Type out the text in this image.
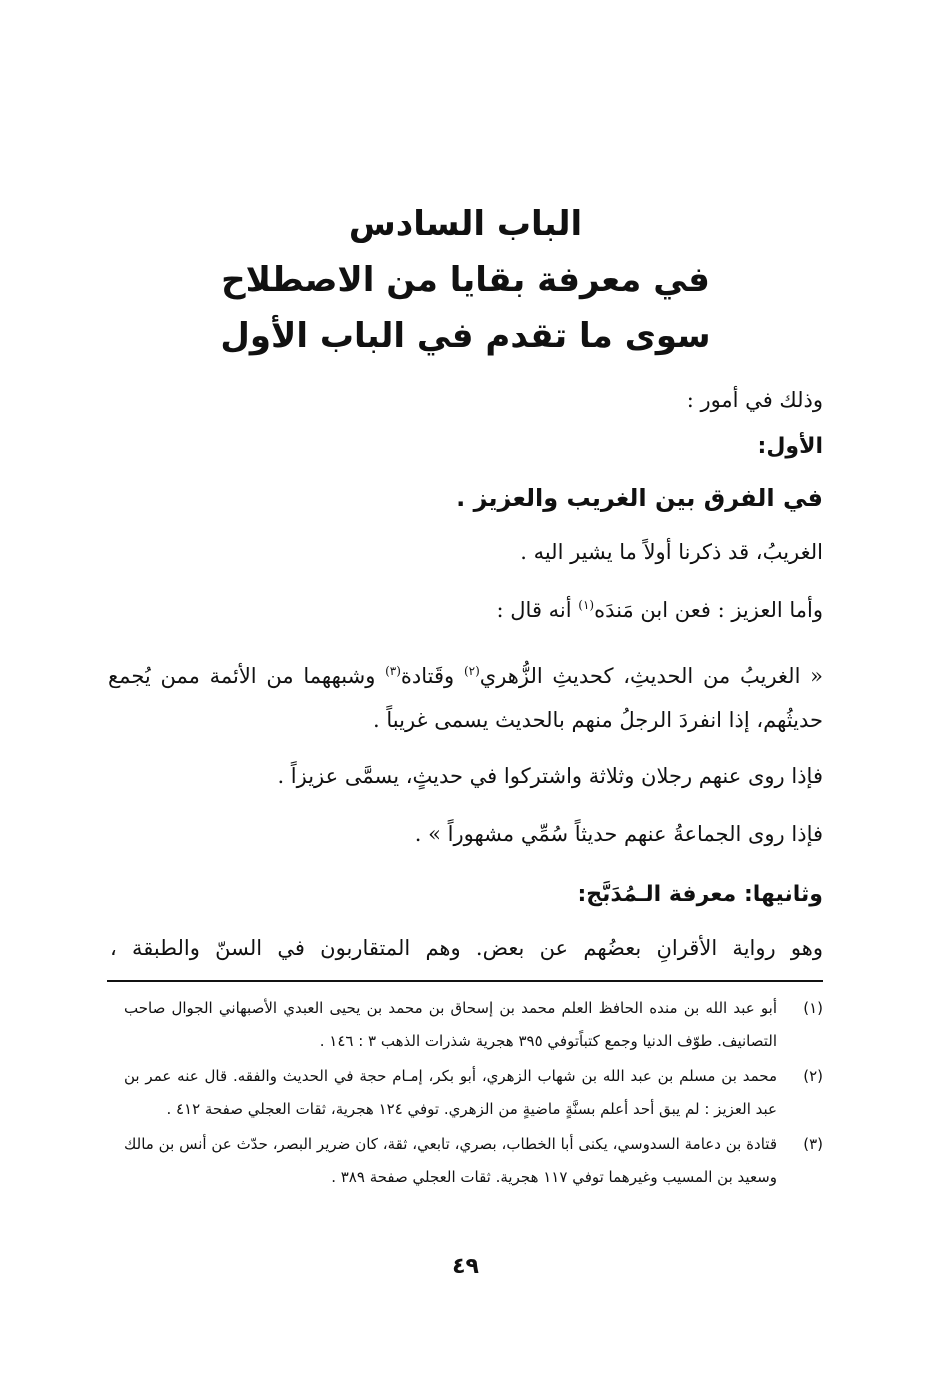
الباب السادس
في معرفة بقايا من الاصطلاح
سوى ما تقدم في الباب الأول
وذلك في أمور :
الأول:
في الفرق بين الغريب والعزيز .
الغريبُ، قد ذكرنا أولاً ما يشير اليه .
وأما العزيز : فعن ابن مَندَه$^{(١)}$ أنه قال :
« الغريبُ من الحديثِ، كحديثِ الزُّهري$^{(٢)}$ وقَتادة$^{(٣)}$ وشبههما من الأئمة ممن يُجمع حديثُهم، إذا انفردَ الرجلُ منهم بالحديث يسمى غريباً .
فإذا روى عنهم رجلان وثلاثة واشتركوا في حديثٍ، يسمَّى عزيزاً .
فإذا روى الجماعةُ عنهم حديثاً سُمِّي مشهوراً » .
وثانيها: معرفة الـمُدَبَّج:
وهو رواية الأقرانِ بعضُهم عن بعض. وهم المتقاربون في السنّ والطبقة ،
(١)
أبو عبد الله بن منده الحافظ العلم محمد بن إسحاق بن محمد بن يحيى العبدي الأصبهاني الجوال صاحب التصانيف. طوّف الدنيا وجمع كتباًتوفي ٣٩٥ هجرية شذرات الذهب ٣ : ١٤٦ .
(٢)
محمد بن مسلم بن عبد الله بن شهاب الزهري، أبو بكر، إمـام حجة في الحديث والفقه. قال عنه عمر بن عبد العزيز : لم يبق أحد أعلم بسنَّةٍ ماضيةٍ من الزهري. توفي ١٢٤ هجرية، ثقات العجلي صفحة ٤١٢ .
(٣)
قتادة بن دعامة السدوسي، يكنى أبا الخطاب، بصري، تابعي، ثقة، كان ضرير البصر، حدّث عن أنس بن مالك وسعيد بن المسيب وغيرهما توفي ١١٧ هجرية. ثقات العجلي صفحة ٣٨٩ .
٤٩
